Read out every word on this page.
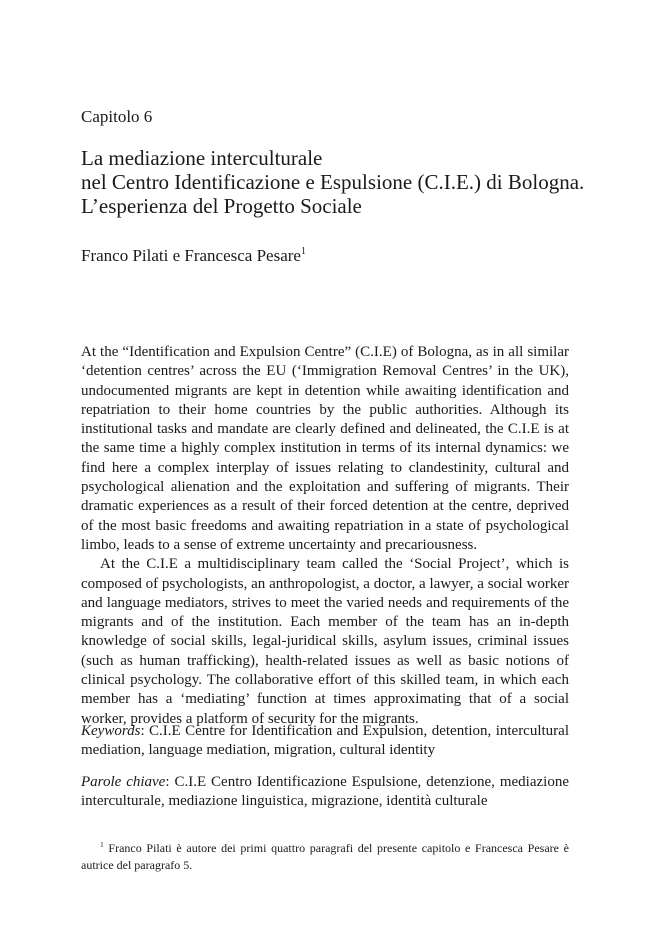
Capitolo 6
La mediazione interculturale
nel Centro Identificazione e Espulsione (C.I.E.) di Bologna.
L’esperienza del Progetto Sociale
Franco Pilati e Francesca Pesare$^1$

At the “Identification and Expulsion Centre” (C.I.E) of Bologna, as in all similar ‘detention centres’ across the EU (‘Immigration Removal Centres’ in the UK), undocumented migrants are kept in detention while awaiting identification and repatriation to their home countries by the public authorities. Although its institutional tasks and mandate are clearly defined and delineated, the C.I.E is at the same time a highly complex institution in terms of its internal dynamics: we find here a complex interplay of issues relating to clandestinity, cultural and psychological alienation and the exploitation and suffering of migrants. Their dramatic experiences as a result of their forced detention at the centre, deprived of the most basic freedoms and awaiting repatriation in a state of psychological limbo, leads to a sense of extreme uncertainty and precariousness.

At the C.I.E a multidisciplinary team called the ‘Social Project’, which is composed of psychologists, an anthropologist, a doctor, a lawyer, a social worker and language mediators, strives to meet the varied needs and requirements of the migrants and of the institution. Each member of the team has an in-depth knowledge of social skills, legal-juridical skills, asylum issues, criminal issues (such as human trafficking), health-related issues as well as basic notions of clinical psychology. The collaborative effort of this skilled team, in which each member has a ‘mediating’ function at times approximating that of a social worker, provides a platform of security for the migrants.

Keywords: C.I.E Centre for Identification and Expulsion, detention, intercultural mediation, language mediation, migration, cultural identity
Parole chiave: C.I.E Centro Identificazione Espulsione, detenzione, mediazione interculturale, mediazione linguistica, migrazione, identità culturale

$^1$ Franco Pilati è autore dei primi quattro paragrafi del presente capitolo e Francesca Pesare è autrice del paragrafo 5.
